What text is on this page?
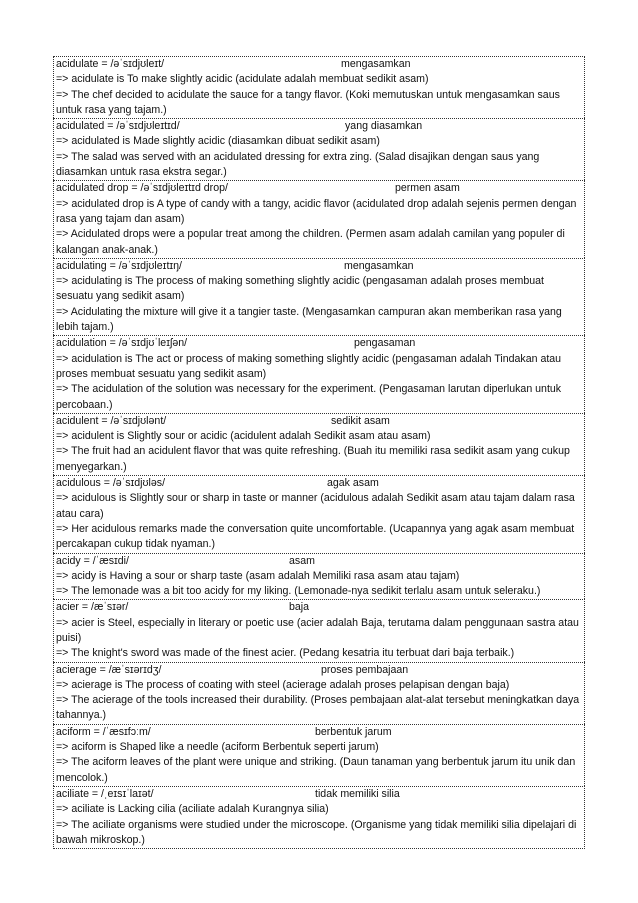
acidulate = /əˈsɪdjʊleɪt/	mengasamkan
=> acidulate is To make slightly acidic (acidulate adalah membuat sedikit asam)
=> The chef decided to acidulate the sauce for a tangy flavor. (Koki memutuskan untuk mengasamkan saus untuk rasa yang tajam.)
acidulated = /əˈsɪdjʊleɪtɪd/	yang diasamkan
=> acidulated is Made slightly acidic (diasamkan dibuat sedikit asam)
=> The salad was served with an acidulated dressing for extra zing. (Salad disajikan dengan saus yang diasamkan untuk rasa ekstra segar.)
acidulated drop = /əˈsɪdjʊleɪtɪd drop/	permen asam
=> acidulated drop is A type of candy with a tangy, acidic flavor (acidulated drop adalah sejenis permen dengan rasa yang tajam dan asam)
=> Acidulated drops were a popular treat among the children. (Permen asam adalah camilan yang populer di kalangan anak-anak.)
acidulating = /əˈsɪdjʊleɪtɪŋ/	mengasamkan
=> acidulating is The process of making something slightly acidic (pengasaman adalah proses membuat sesuatu yang sedikit asam)
=> Acidulating the mixture will give it a tangier taste. (Mengasamkan campuran akan memberikan rasa yang lebih tajam.)
acidulation = /əˈsɪdjʊˈleɪʃən/	pengasaman
=> acidulation is The act or process of making something slightly acidic (pengasaman adalah Tindakan atau proses membuat sesuatu yang sedikit asam)
=> The acidulation of the solution was necessary for the experiment. (Pengasaman larutan diperlukan untuk percobaan.)
acidulent = /əˈsɪdjʊlənt/	sedikit asam
=> acidulent is Slightly sour or acidic (acidulent adalah Sedikit asam atau asam)
=> The fruit had an acidulent flavor that was quite refreshing. (Buah itu memiliki rasa sedikit asam yang cukup menyegarkan.)
acidulous = /əˈsɪdjʊləs/	agak asam
=> acidulous is Slightly sour or sharp in taste or manner (acidulous adalah Sedikit asam atau tajam dalam rasa atau cara)
=> Her acidulous remarks made the conversation quite uncomfortable. (Ucapannya yang agak asam membuat percakapan cukup tidak nyaman.)
acidy = /ˈæsɪdi/	asam
=> acidy is Having a sour or sharp taste (asam adalah Memiliki rasa asam atau tajam)
=> The lemonade was a bit too acidy for my liking. (Lemonade-nya sedikit terlalu asam untuk seleraku.)
acier = /æˈsɪər/	baja
=> acier is Steel, especially in literary or poetic use (acier adalah Baja, terutama dalam penggunaan sastra atau puisi)
=> The knight's sword was made of the finest acier. (Pedang kesatria itu terbuat dari baja terbaik.)
acierage = /æˈsɪərɪdʒ/	proses pembajaan
=> acierage is The process of coating with steel (acierage adalah proses pelapisan dengan baja)
=> The acierage of the tools increased their durability. (Proses pembajaan alat-alat tersebut meningkatkan daya tahannya.)
aciform = /ˈæsɪfɔːm/	berbentuk jarum
=> aciform is Shaped like a needle (aciform Berbentuk seperti jarum)
=> The aciform leaves of the plant were unique and striking. (Daun tanaman yang berbentuk jarum itu unik dan mencolok.)
aciliate = /ˌeɪsɪˈlaɪət/	tidak memiliki silia
=> aciliate is Lacking cilia (aciliate adalah Kurangnya silia)
=> The aciliate organisms were studied under the microscope. (Organisme yang tidak memiliki silia dipelajari di bawah mikroskop.)
